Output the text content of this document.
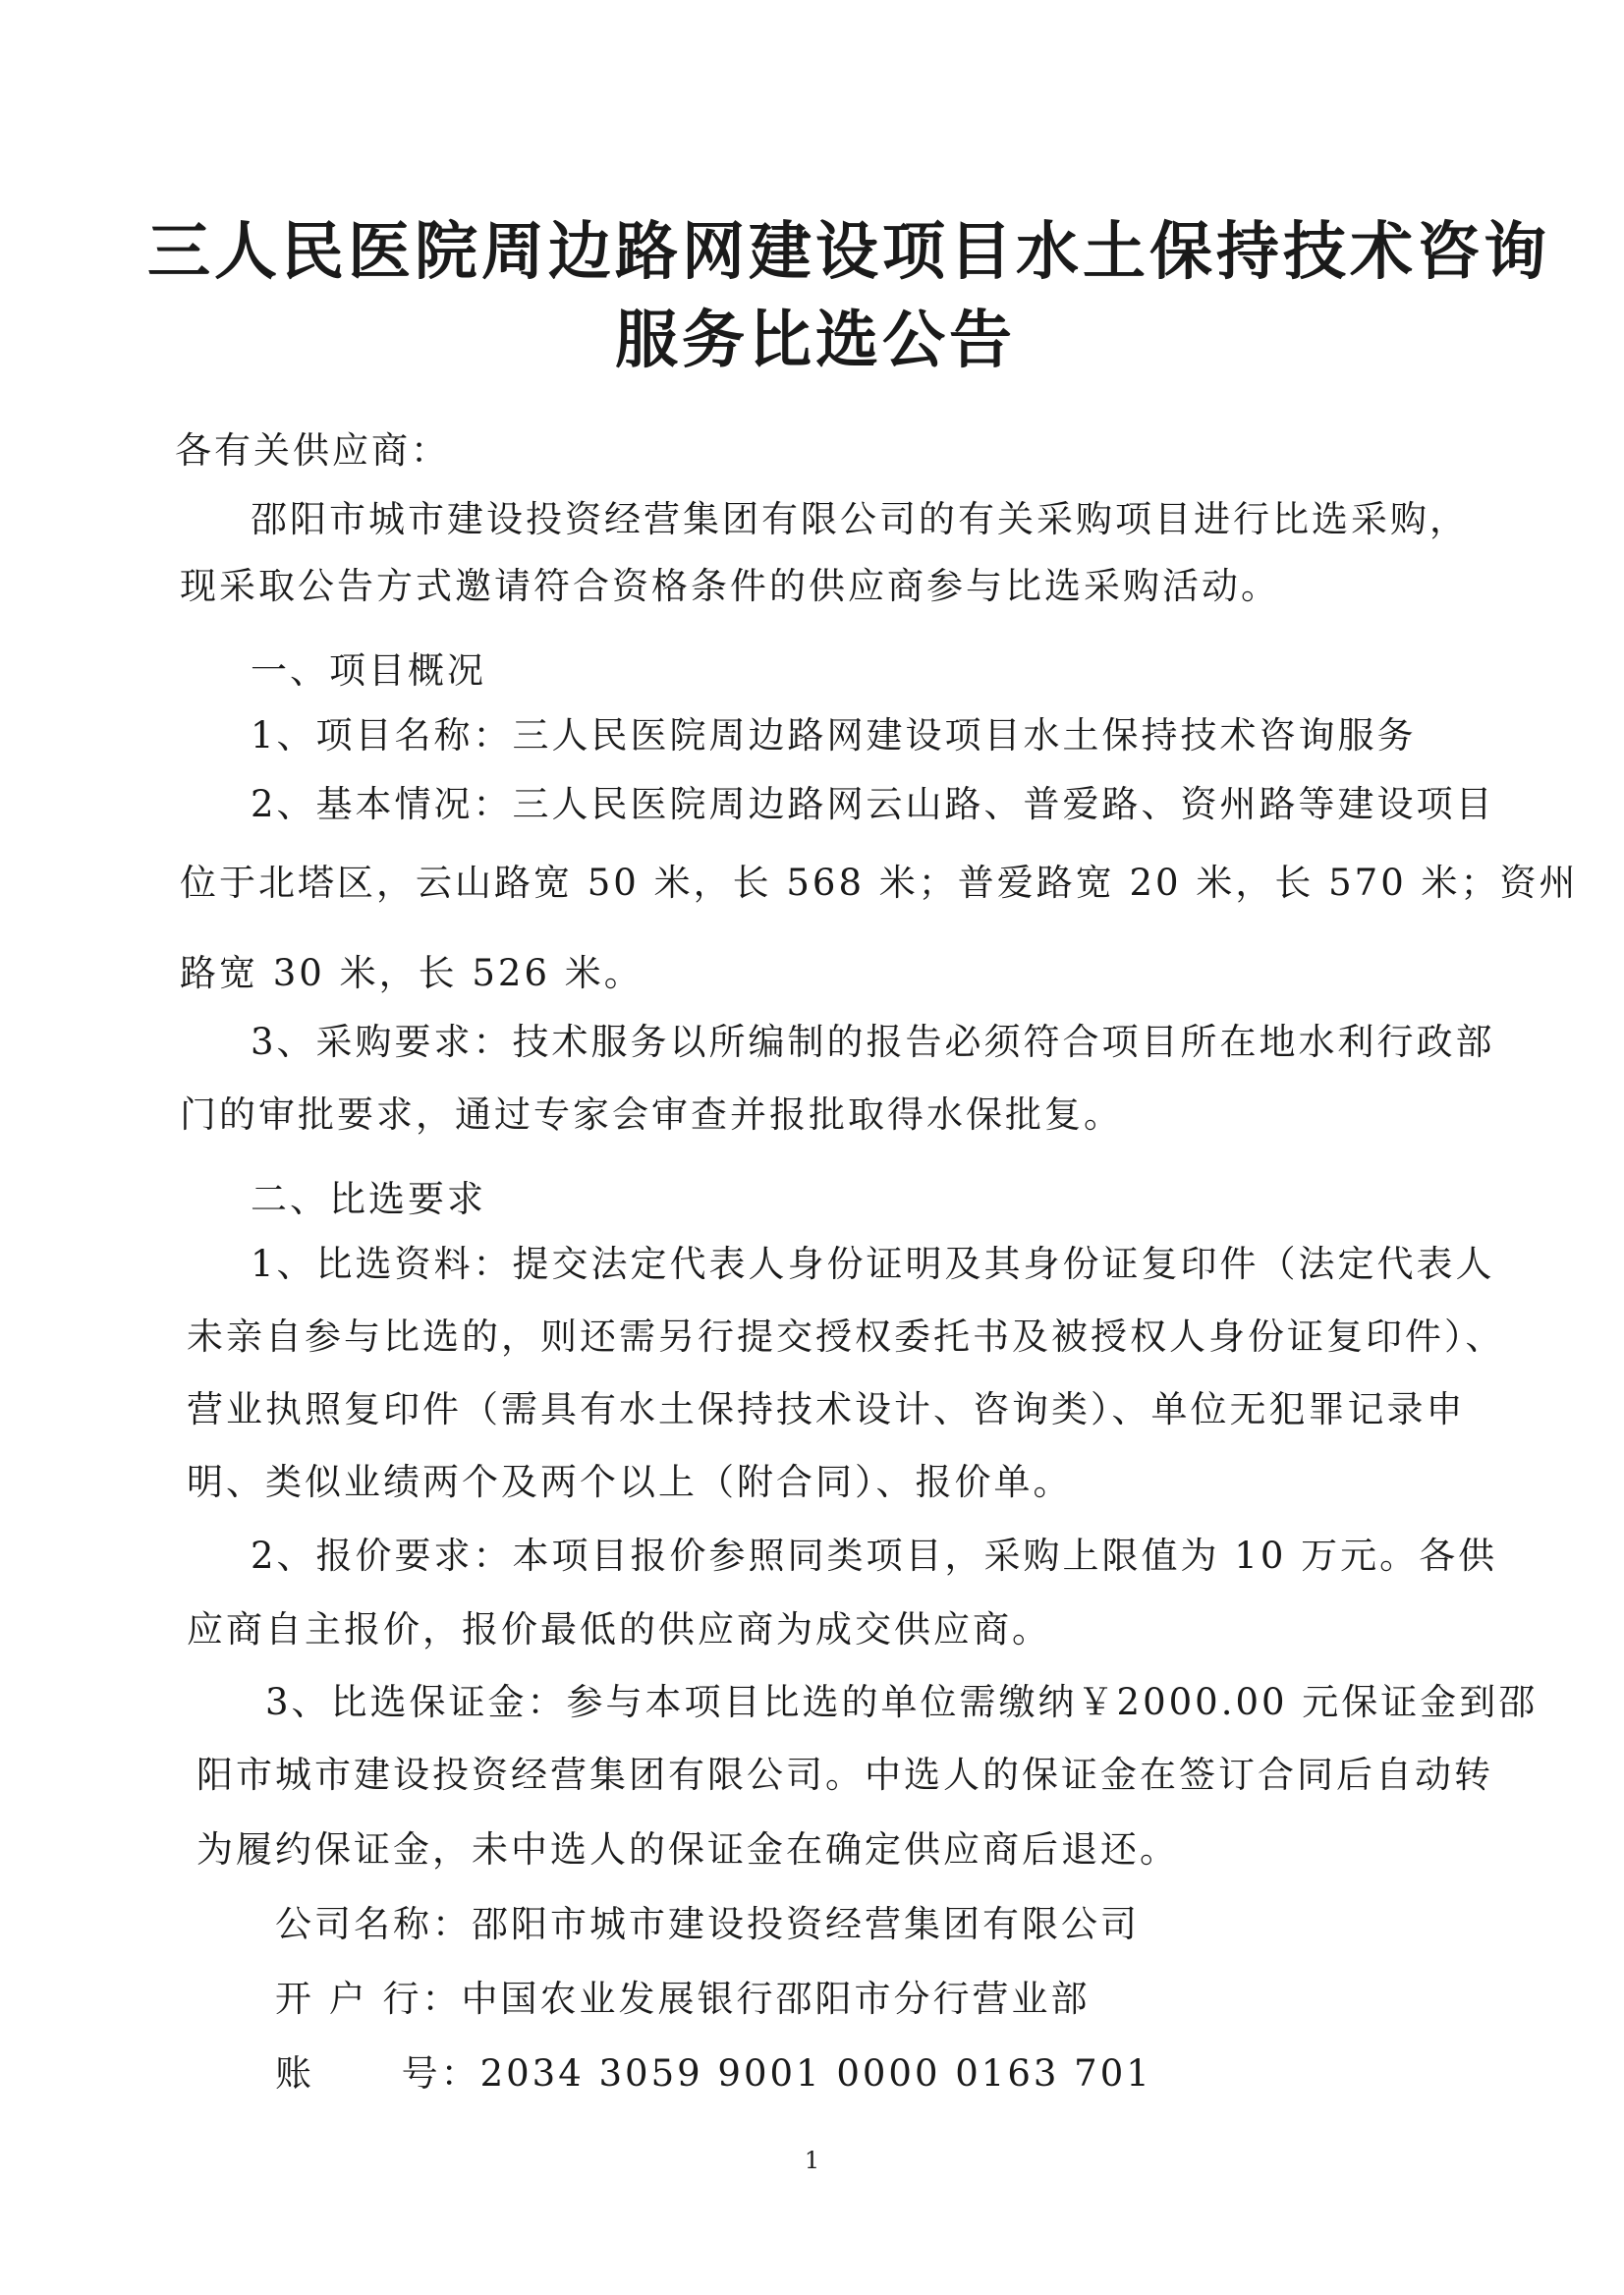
三人民医院周边路网建设项目水土保持技术咨询
服务比选公告
各有关供应商：
邵阳市城市建设投资经营集团有限公司的有关采购项目进行比选采购，
现采取公告方式邀请符合资格条件的供应商参与比选采购活动。
一、项目概况
1、项目名称：三人民医院周边路网建设项目水土保持技术咨询服务
2、基本情况：三人民医院周边路网云山路、普爱路、资州路等建设项目
位于北塔区，云山路宽 50 米，长 568 米；普爱路宽 20 米，长 570 米；资州
路宽 30 米，长 526 米。
3、采购要求：技术服务以所编制的报告必须符合项目所在地水利行政部
门的审批要求，通过专家会审查并报批取得水保批复。
二、比选要求
1、比选资料：提交法定代表人身份证明及其身份证复印件（法定代表人
未亲自参与比选的，则还需另行提交授权委托书及被授权人身份证复印件）、
营业执照复印件（需具有水土保持技术设计、咨询类）、单位无犯罪记录申
明、类似业绩两个及两个以上（附合同）、报价单。
2、报价要求：本项目报价参照同类项目，采购上限值为 10 万元。各供
应商自主报价，报价最低的供应商为成交供应商。
3、比选保证金：参与本项目比选的单位需缴纳￥2000.00 元保证金到邵
阳市城市建设投资经营集团有限公司。中选人的保证金在签订合同后自动转
为履约保证金，未中选人的保证金在确定供应商后退还。
公司名称：邵阳市城市建设投资经营集团有限公司
开 户 行：中国农业发展银行邵阳市分行营业部
账      号：2034 3059 9001 0000 0163 701
1
